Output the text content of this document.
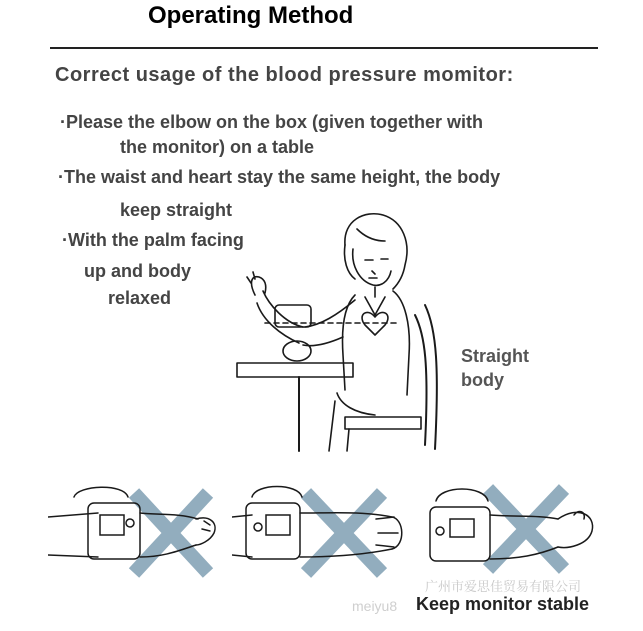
Operating Method
Correct usage of the blood pressure momitor:
·Please the elbow on the box (given together with
the monitor) on a table
·The waist and heart stay the same height, the body
keep straight
·With the palm facing
up and body
relaxed
Straight
body
广州市爱思佳贸易有限公司
meiyu8 Keep monitor stable
